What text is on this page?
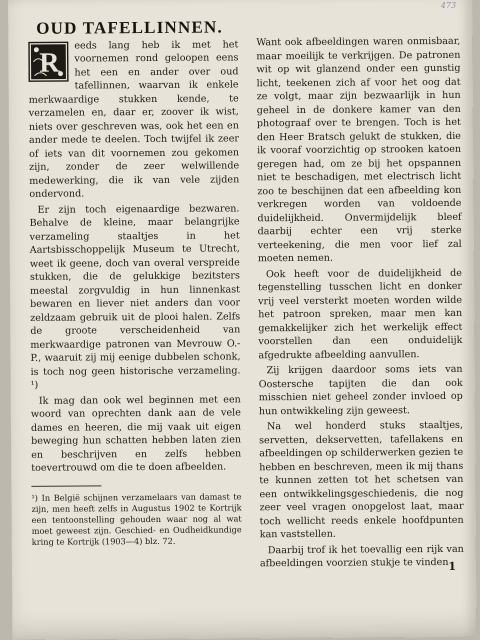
473
OUD TAFELLINNEN.

R
eeds lang heb ik met het voornemen rond geloopen eens het een en ander over oud tafellinnen, waarvan ik enkele merkwaardige stukken kende, te verzamelen en, daar er, zoover ik wist, niets over geschreven was, ook het een en ander mede te deelen. Toch twijfel ik zeer of iets van dit voornemen zou gekomen zijn, zonder de zeer welwillende medewerking, die ik van vele zijden ondervond.

Er zijn toch eigenaardige bezwaren. Behalve de kleine, maar belangrijke verzameling staaltjes in het Aartsbisschoppelijk Museum te Utrecht, weet ik geene, doch van overal verspreide stukken, die de gelukkige bezitsters meestal zorgvuldig in hun linnenkast bewaren en liever niet anders dan voor zeldzaam gebruik uit de plooi halen. Zelfs de groote verscheidenheid van merkwaardige patronen van Mevrouw O.-P., waaruit zij mij eenige dubbelen schonk, is toch nog geen historische verzameling. ¹)

Ik mag dan ook wel beginnen met een woord van oprechten dank aan de vele dames en heeren, die mij vaak uit eigen beweging hun schatten hebben laten zien en beschrijven en zelfs hebben toevertrouwd om die te doen afbeelden.

¹) In België schijnen verzamelaars van damast te zijn, men heeft zelfs in Augustus 1902 te Kortrijk een tentoonstelling gehouden waar nog al wat moet geweest zijn. Geschied- en Oudheidkundige kring te Kortrijk (1903—4) blz. 72.

Want ook afbeeldingen waren onmisbaar, maar moeilijk te verkrijgen. De patronen wit op wit glanzend onder een gunstig licht, teekenen zich af voor het oog dat ze volgt, maar zijn bezwaarlijk in hun geheel in de donkere kamer van den photograaf over te brengen. Toch is het den Heer Bratsch gelukt de stukken, die ik vooraf voorzichtig op strooken katoen geregen had, om ze bij het opspannen niet te beschadigen, met electrisch licht zoo te beschijnen dat een afbeelding kon verkregen worden van voldoende duidelijkheid. Onvermijdelijk bleef daarbij echter een vrij sterke verteekening, die men voor lief zal moeten nemen.

Ook heeft voor de duidelijkheid de tegenstelling tusschen licht en donker vrij veel versterkt moeten worden wilde het patroon spreken, maar men kan gemakkelijker zich het werkelijk effect voorstellen dan een onduidelijk afgedrukte afbeelding aanvullen.

Zij krijgen daardoor soms iets van Oostersche tapijten die dan ook misschien niet geheel zonder invloed op hun ontwikkeling zijn geweest.

Na wel honderd stuks staaltjes, servetten, dekservetten, tafellakens en afbeeldingen op schilderwerken gezien te hebben en beschreven, meen ik mij thans te kunnen zetten tot het schetsen van een ontwikkelingsgeschiedenis, die nog zeer veel vragen onopgelost laat, maar toch wellicht reeds enkele hoofdpunten kan vaststellen.

Daarbij trof ik het toevallig een rijk van afbeeldingen voorzien stukje te vinden 1
